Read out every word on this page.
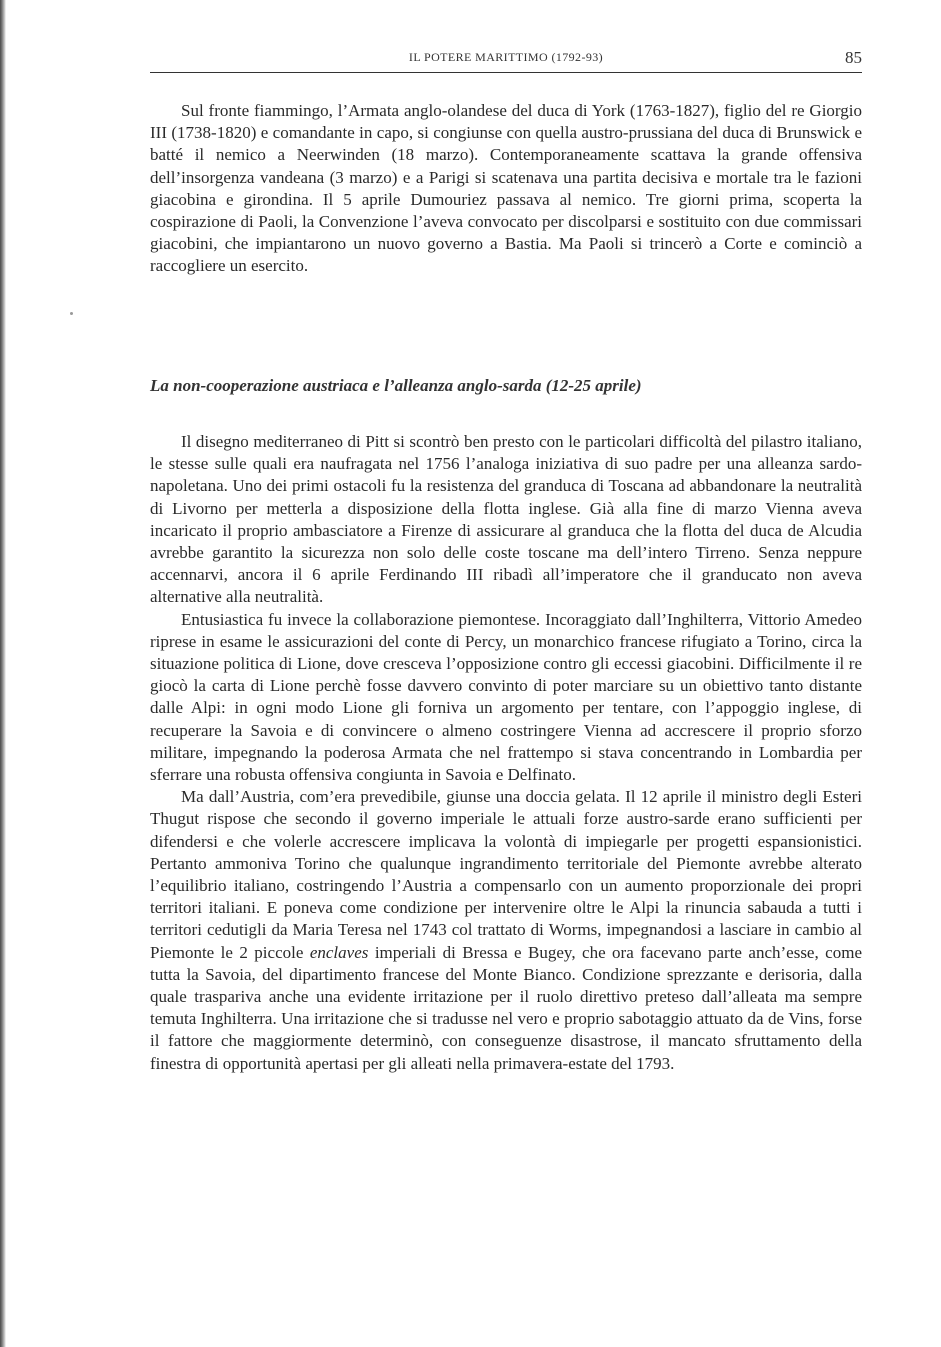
IL POTERE MARITTIMO (1792-93)	85

Sul fronte fiammingo, l’Armata anglo-olandese del duca di York (1763-1827), figlio del re Giorgio III (1738-1820) e comandante in capo, si congiunse con quella austro-prussiana del duca di Brunswick e batté il nemico a Neerwinden (18 marzo). Contemporaneamente scattava la grande offensiva dell’insorgenza vandeana (3 marzo) e a Parigi si scatenava una partita decisiva e mortale tra le fazioni giacobina e girondina. Il 5 aprile Dumouriez passava al nemico. Tre giorni prima, scoperta la cospirazione di Paoli, la Convenzione l’aveva convocato per discolparsi e sostituito con due commissari giacobini, che impiantarono un nuovo governo a Bastia. Ma Paoli si trincerò a Corte e cominciò a raccogliere un esercito.

La non-cooperazione austriaca e l’alleanza anglo-sarda (12-25 aprile)

Il disegno mediterraneo di Pitt si scontrò ben presto con le particolari difficoltà del pilastro italiano, le stesse sulle quali era naufragata nel 1756 l’analoga iniziativa di suo padre per una alleanza sardo-napoletana. Uno dei primi ostacoli fu la resistenza del granduca di Toscana ad abbandonare la neutralità di Livorno per metterla a disposizione della flotta inglese. Già alla fine di marzo Vienna aveva incaricato il proprio ambasciatore a Firenze di assicurare al granduca che la flotta del duca de Alcudia avrebbe garantito la sicurezza non solo delle coste toscane ma dell’intero Tirreno. Senza neppure accennarvi, ancora il 6 aprile Ferdinando III ribadì all’imperatore che il granducato non aveva alternative alla neutralità.

Entusiastica fu invece la collaborazione piemontese. Incoraggiato dall’Inghilterra, Vittorio Amedeo riprese in esame le assicurazioni del conte di Percy, un monarchico francese rifugiato a Torino, circa la situazione politica di Lione, dove cresceva l’opposizione contro gli eccessi giacobini. Difficilmente il re giocò la carta di Lione perchè fosse davvero convinto di poter marciare su un obiettivo tanto distante dalle Alpi: in ogni modo Lione gli forniva un argomento per tentare, con l’appoggio inglese, di recuperare la Savoia e di convincere o almeno costringere Vienna ad accrescere il proprio sforzo militare, impegnando la poderosa Armata che nel frattempo si stava concentrando in Lombardia per sferrare una robusta offensiva congiunta in Savoia e Delfinato.

Ma dall’Austria, com’era prevedibile, giunse una doccia gelata. Il 12 aprile il ministro degli Esteri Thugut rispose che secondo il governo imperiale le attuali forze austro-sarde erano sufficienti per difendersi e che volerle accrescere implicava la volontà di impiegarle per progetti espansionistici. Pertanto ammoniva Torino che qualunque ingrandimento territoriale del Piemonte avrebbe alterato l’equilibrio italiano, costringendo l’Austria a compensarlo con un aumento proporzionale dei propri territori italiani. E poneva come condizione per intervenire oltre le Alpi la rinuncia sabauda a tutti i territori cedutigli da Maria Teresa nel 1743 col trattato di Worms, impegnandosi a lasciare in cambio al Piemonte le 2 piccole enclaves imperiali di Bressa e Bugey, che ora facevano parte anch’esse, come tutta la Savoia, del dipartimento francese del Monte Bianco. Condizione sprezzante e derisoria, dalla quale traspariva anche una evidente irritazione per il ruolo direttivo preteso dall’alleata ma sempre temuta Inghilterra. Una irritazione che si tradusse nel vero e proprio sabotaggio attuato da de Vins, forse il fattore che maggiormente determinò, con conseguenze disastrose, il mancato sfruttamento della finestra di opportunità apertasi per gli alleati nella primavera-estate del 1793.
